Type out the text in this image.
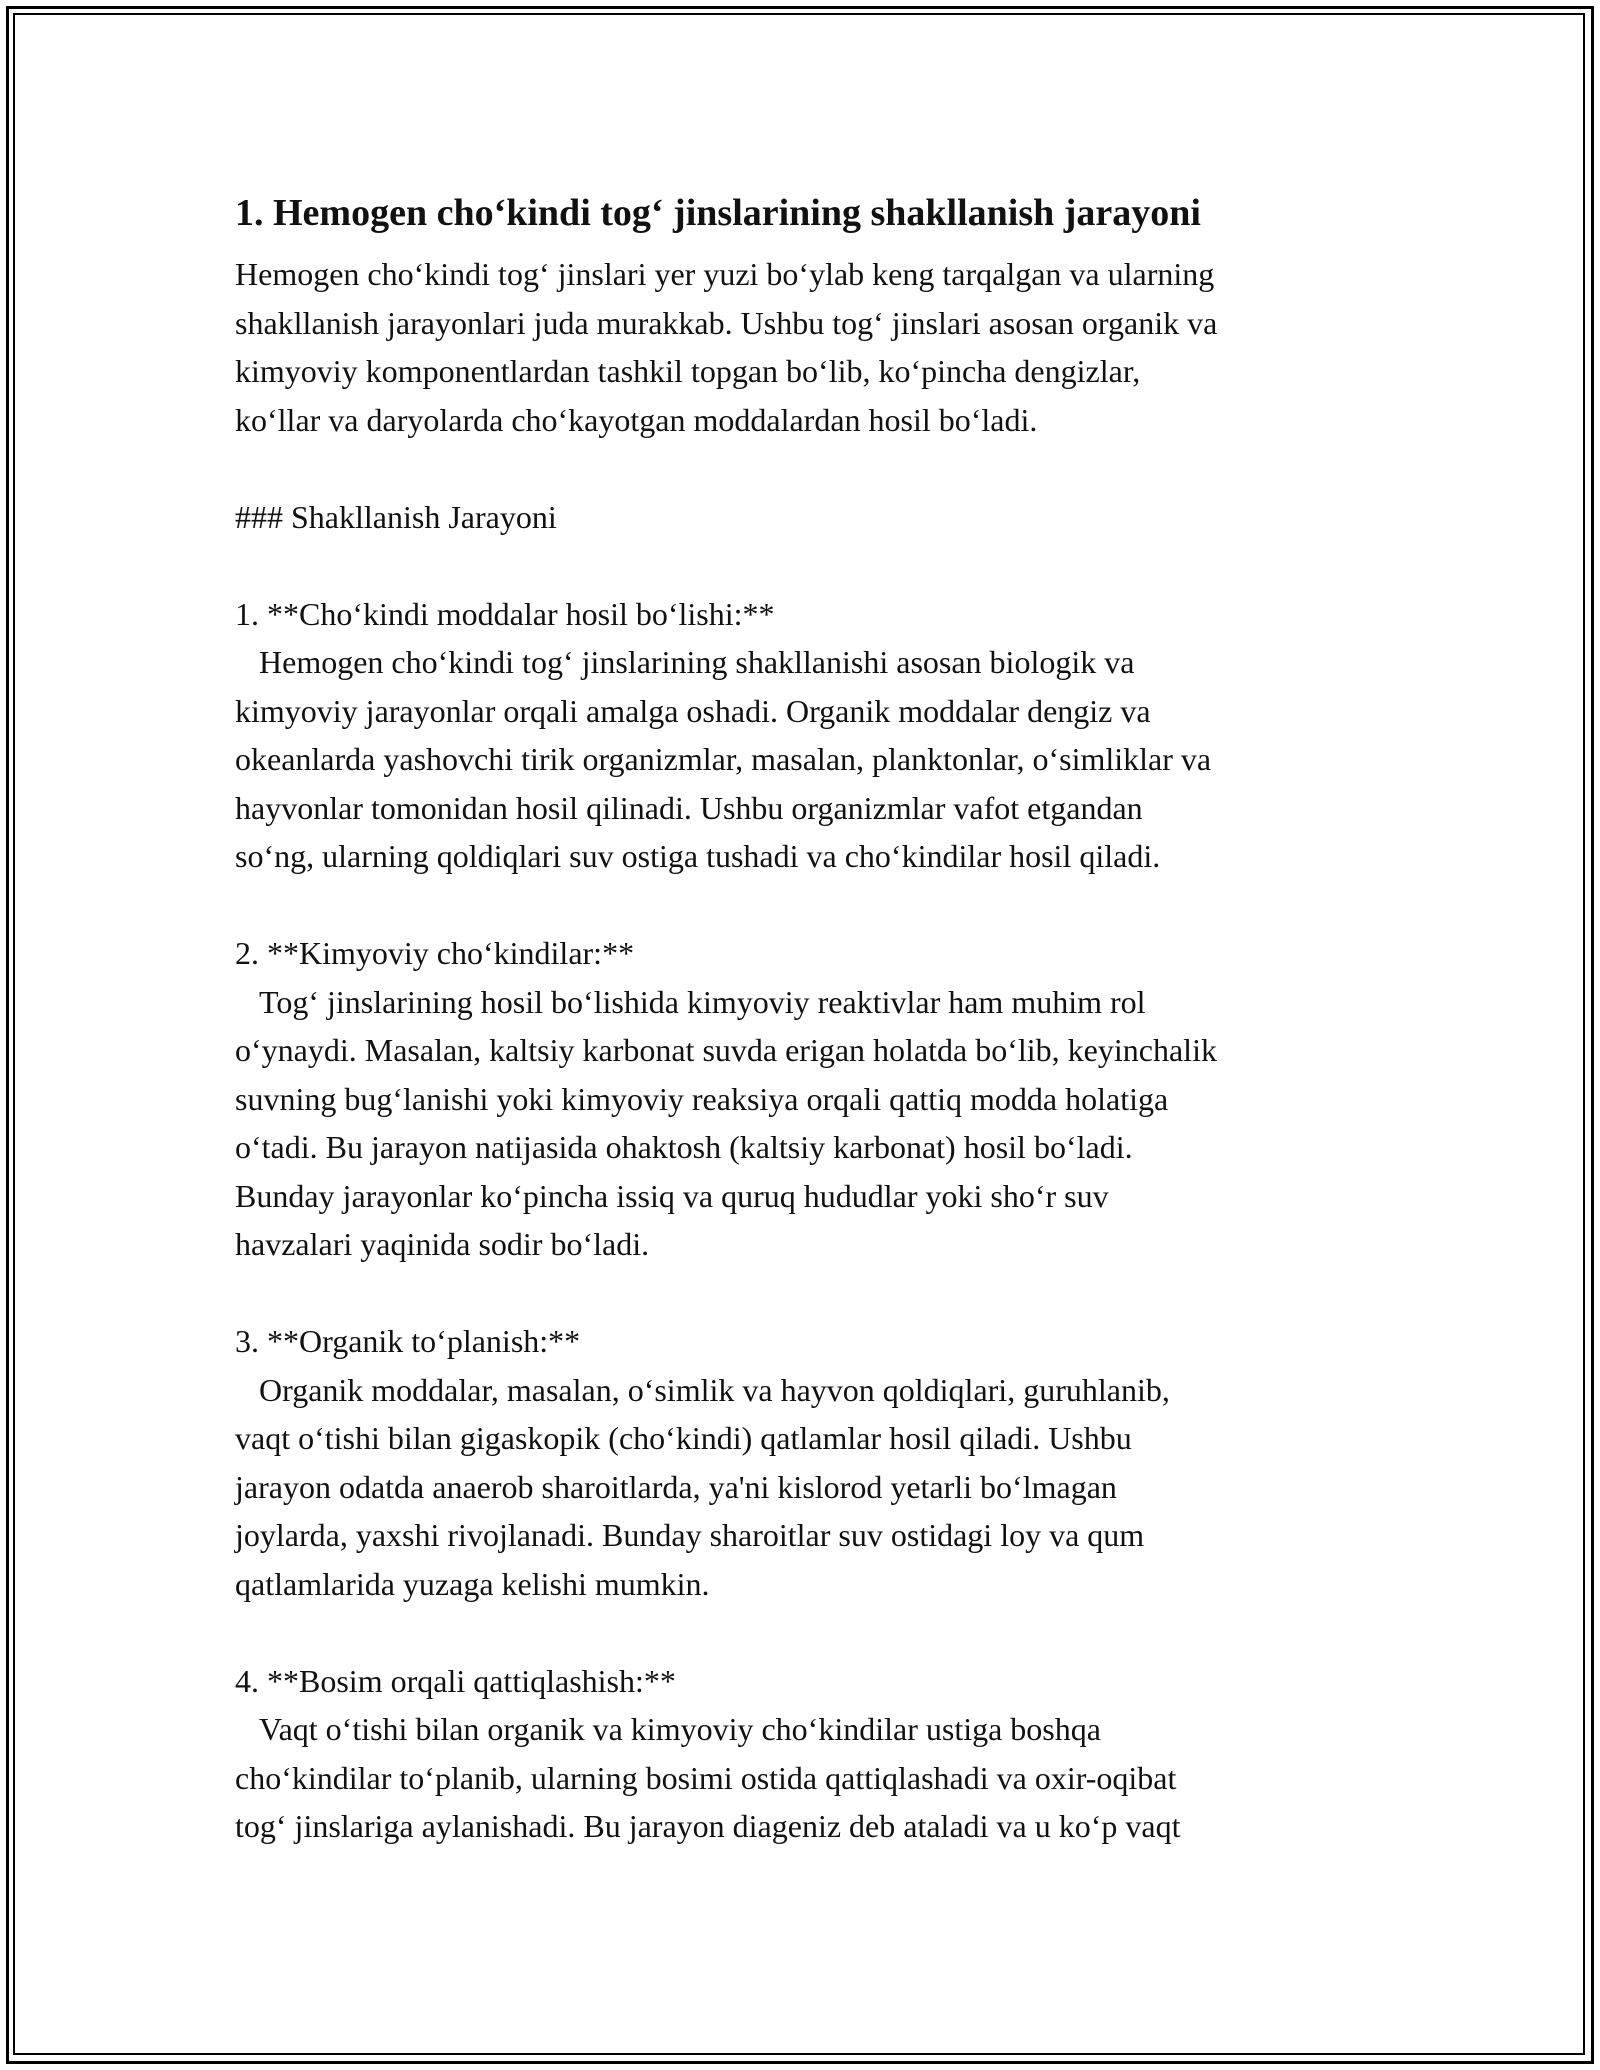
1. Hemogen cho‘kindi tog‘ jinslarining shakllanish jarayoni
Hemogen cho‘kindi tog‘ jinslari yer yuzi bo‘ylab keng tarqalgan va ularning
shakllanish jarayonlari juda murakkab. Ushbu tog‘ jinslari asosan organik va
kimyoviy komponentlardan tashkil topgan bo‘lib, ko‘pincha dengizlar,
ko‘llar va daryolarda cho‘kayotgan moddalardan hosil bo‘ladi.

### Shakllanish Jarayoni

1. **Cho‘kindi moddalar hosil bo‘lishi:**
Hemogen cho‘kindi tog‘ jinslarining shakllanishi asosan biologik va
kimyoviy jarayonlar orqali amalga oshadi. Organik moddalar dengiz va
okeanlarda yashovchi tirik organizmlar, masalan, planktonlar, o‘simliklar va
hayvonlar tomonidan hosil qilinadi. Ushbu organizmlar vafot etgandan
so‘ng, ularning qoldiqlari suv ostiga tushadi va cho‘kindilar hosil qiladi.

2. **Kimyoviy cho‘kindilar:**
Tog‘ jinslarining hosil bo‘lishida kimyoviy reaktivlar ham muhim rol
o‘ynaydi. Masalan, kaltsiy karbonat suvda erigan holatda bo‘lib, keyinchalik
suvning bug‘lanishi yoki kimyoviy reaksiya orqali qattiq modda holatiga
o‘tadi. Bu jarayon natijasida ohaktosh (kaltsiy karbonat) hosil bo‘ladi.
Bunday jarayonlar ko‘pincha issiq va quruq hududlar yoki sho‘r suv
havzalari yaqinida sodir bo‘ladi.

3. **Organik to‘planish:**
Organik moddalar, masalan, o‘simlik va hayvon qoldiqlari, guruhlanib,
vaqt o‘tishi bilan gigaskopik (cho‘kindi) qatlamlar hosil qiladi. Ushbu
jarayon odatda anaerob sharoitlarda, ya'ni kislorod yetarli bo‘lmagan
joylarda, yaxshi rivojlanadi. Bunday sharoitlar suv ostidagi loy va qum
qatlamlarida yuzaga kelishi mumkin.

4. **Bosim orqali qattiqlashish:**
Vaqt o‘tishi bilan organik va kimyoviy cho‘kindilar ustiga boshqa
cho‘kindilar to‘planib, ularning bosimi ostida qattiqlashadi va oxir-oqibat
tog‘ jinslariga aylanishadi. Bu jarayon diageniz deb ataladi va u ko‘p vaqt
